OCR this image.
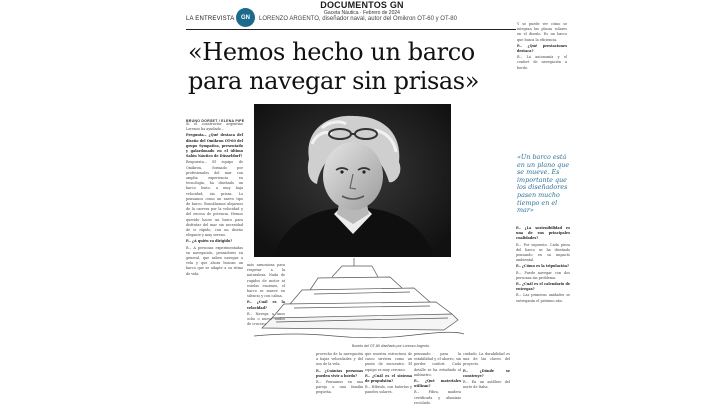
DOCUMENTOS GN
Gaceta Náutica · Febrero de 2024
LA ENTREVISTA GN LORENZO ARGENTO, diseñador naval, autor del Omikron OT-60 y OT-80
«Hemos hecho un barco para navegar sin prisas»
BRUNO DORSET / ELENA PIPE

Si el constructor argentino Lorenzo ha ayudado...

Pregunta.– ¿Qué destaca del diseño del Omikron OT-60 del grupo Sympatica, presentado y galardonado en el último Salón Náutico de Düsseldorf?

Respuesta.– El equipo de Omikron, formado por profesionales del mar con amplia experiencia en tecnología, ha diseñado un barco lento, a muy baja velocidad, sin prisas. Lo pensamos como un nuevo tipo de barco. Buscábamos alejarnos de la carrera por la velocidad y del exceso de potencia. Hemos querido hacer un barco para disfrutar del mar sin necesidad de ir rápido, con un diseño elegante y muy sereno.

P.– ¿A quién va dirigido?

R.– A personas experimentadas en navegación, pensadores en general, que saben navegar a vela y que ahora buscan un barco que se adapte a su ritmo de vida.

Boceto del OT-80 diseñado por Lorenzo Argento.

más armoniosa para respetar a la naturaleza. Nada de rugidos de motor ni estelas enormes, el barco se mueve en silencio y con calma.

P.– ¿Cuál es la velocidad?

R.– Navega a unos ocho o nueve nudos de crucero.

provecho de la navegación a bajas velocidades y del uso de la vela.

P.– ¿Cuántas personas pueden vivir a bordo?

R.– Pensamos en una pareja o una familia pequeña.

que nuestra estructura de casco sirviera como un punto de encuentro. El equipo es muy cercano.

P.– ¿Cuál es el sistema de propulsión?

R.– Híbrido, con baterías y paneles solares.

pensando para la estabilidad y el ahorro, sin perder confort. Cada detalle se ha estudiado al milímetro.

P.– ¿Qué materiales utilizan?

R.– Fibra, madera certificada y aluminio reciclado.

cuidado. La durabilidad es una de las claves del proyecto.

P.– ¿Dónde se construye?

R.– En un astillero del norte de Italia.

Y se puede ver cómo se integran las placas solares en el diseño. Es un barco que busca la eficiencia.

P.– ¿Qué prestaciones destaca?

R.– La autonomía y el confort de navegación a bordo.

«Un barco está en un plano que se mueve. Es importante que los diseñadores pasen mucho tiempo en el mar»

P.– ¿La sostenibilidad es una de sus principales cualidades?

R.– Por supuesto. Cada pieza del barco se ha diseñado pensando en su impacto ambiental.

P.– ¿Cómo es la tripulación?

R.– Puede navegar con dos personas sin problema.

P.– ¿Cuál es el calendario de entregas?

R.– Las primeras unidades se entregarán el próximo año.
